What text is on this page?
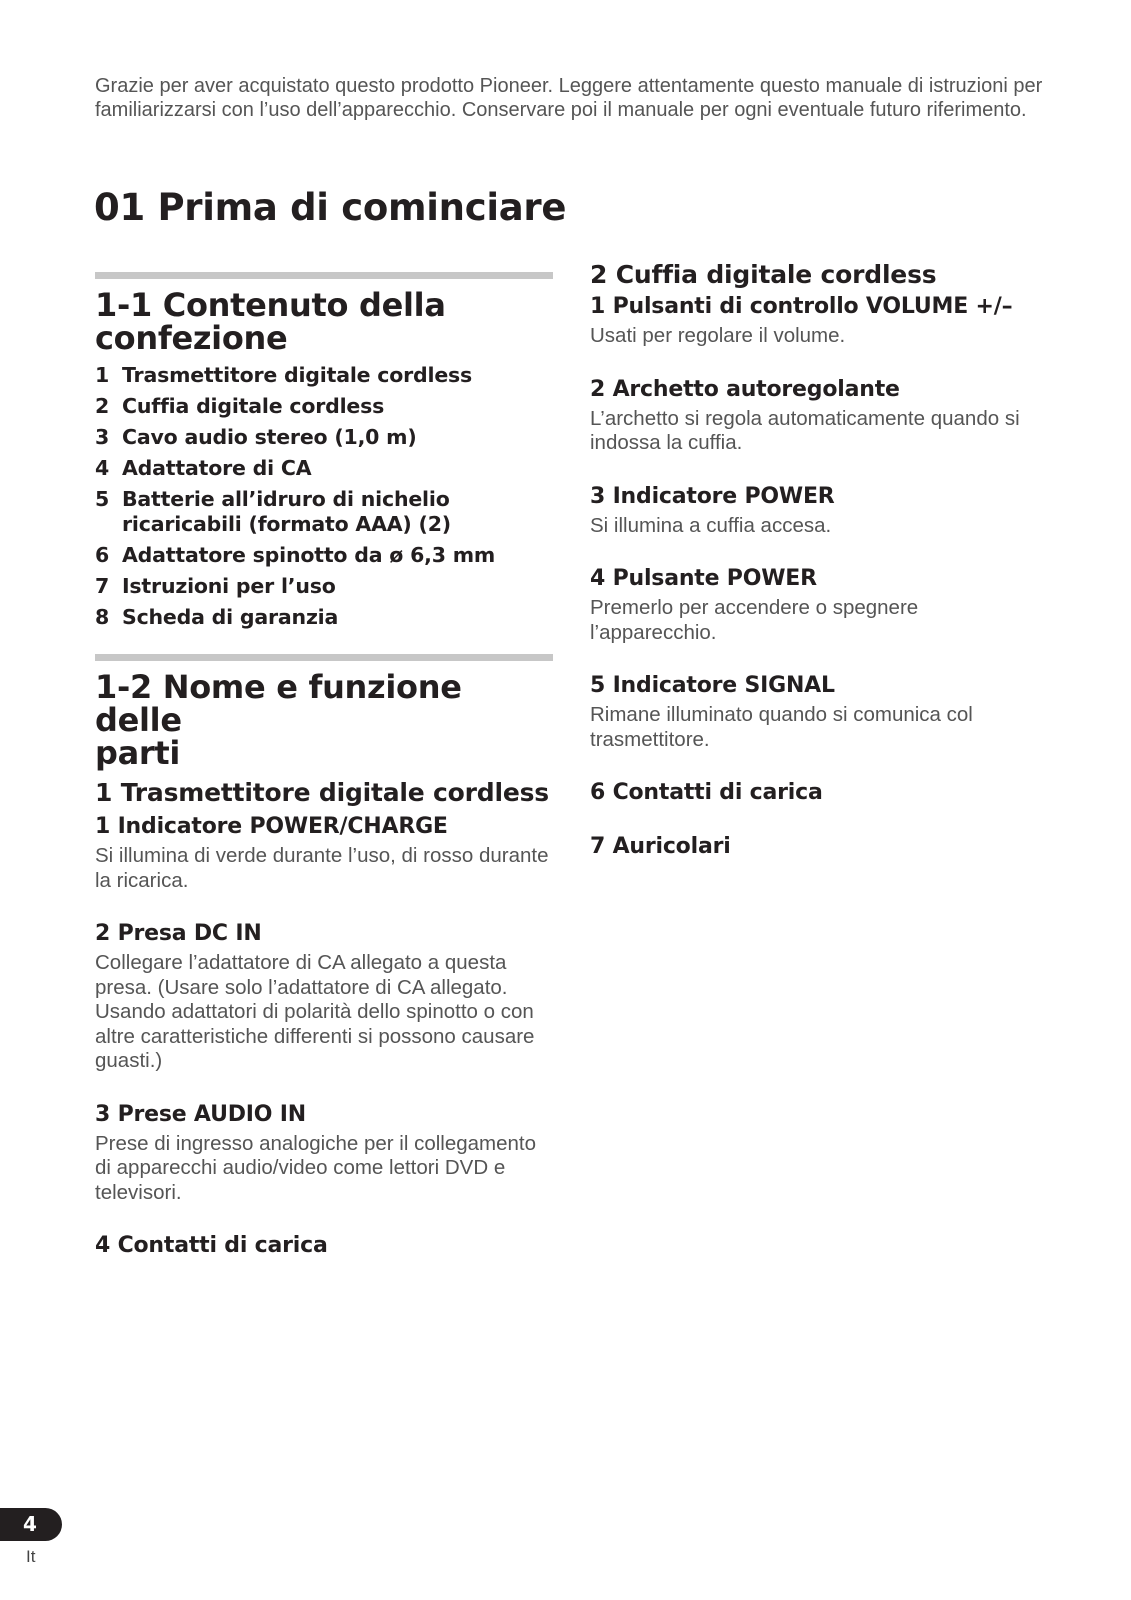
Grazie per aver acquistato questo prodotto Pioneer. Leggere attentamente questo manuale di istruzioni per familiarizzarsi con l’uso dell’apparecchio. Conservare poi il manuale per ogni eventuale futuro riferimento.

01 Prima di cominciare
1-1 Contenuto della
confezione
1 Trasmettitore digitale cordless
2 Cuffia digitale cordless
3 Cavo audio stereo (1,0 m)
4 Adattatore di CA
5 Batterie all’idruro di nichelio ricaricabili (formato AAA) (2)
6 Adattatore spinotto da ø 6,3 mm
7 Istruzioni per l’uso
8 Scheda di garanzia
1-2 Nome e funzione delle
parti
1 Trasmettitore digitale cordless
1 Indicatore POWER/CHARGE

Si illumina di verde durante l’uso, di rosso durante la ricarica.

2 Presa DC IN

Collegare l’adattatore di CA allegato a questa presa. (Usare solo l’adattatore di CA allegato. Usando adattatori di polarità dello spinotto o con altre caratteristiche differenti si possono causare guasti.)

3 Prese AUDIO IN

Prese di ingresso analogiche per il collegamento di apparecchi audio/video come lettori DVD e televisori.

4 Contatti di carica
2 Cuffia digitale cordless
1 Pulsanti di controllo VOLUME +/–

Usati per regolare il volume.

2 Archetto autoregolante

L’archetto si regola automaticamente quando si indossa la cuffia.

3 Indicatore POWER

Si illumina a cuffia accesa.

4 Pulsante POWER

Premerlo per accendere o spegnere l’apparecchio.

5 Indicatore SIGNAL

Rimane illuminato quando si comunica col trasmettitore.

6 Contatti di carica
7 Auricolari
4
It
